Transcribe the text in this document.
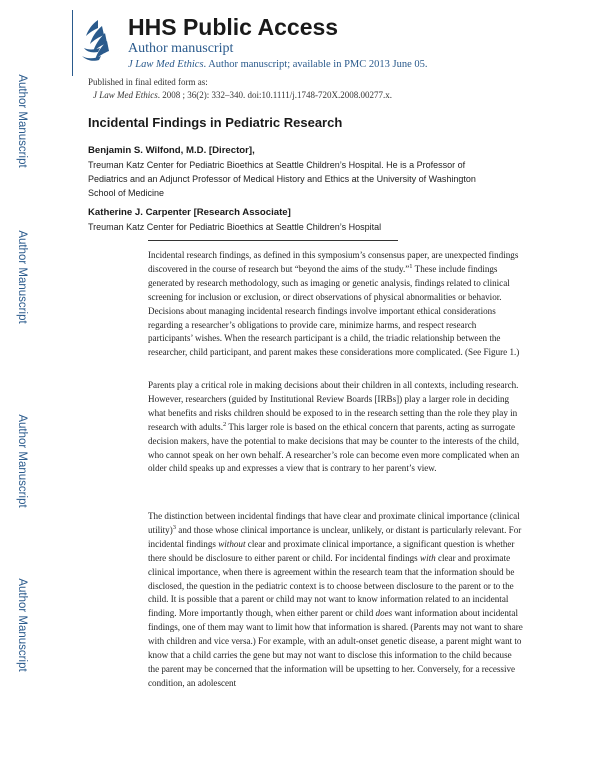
Author Manuscript
Author Manuscript
Author Manuscript
Author Manuscript
HHS Public Access
Author manuscript
J Law Med Ethics. Author manuscript; available in PMC 2013 June 05.
Published in final edited form as:
J Law Med Ethics. 2008 ; 36(2): 332–340. doi:10.1111/j.1748-720X.2008.00277.x.
Incidental Findings in Pediatric Research
Benjamin S. Wilfond, M.D. [Director],
Treuman Katz Center for Pediatric Bioethics at Seattle Children’s Hospital. He is a Professor of
Pediatrics and an Adjunct Professor of Medical History and Ethics at the University of Washington
School of Medicine
Katherine J. Carpenter [Research Associate]
Treuman Katz Center for Pediatric Bioethics at Seattle Children’s Hospital
Incidental research findings, as defined in this symposium’s consensus paper, are unexpected findings discovered in the course of research but “beyond the aims of the study.”$^1$ These include findings generated by research methodology, such as imaging or genetic analysis, findings related to clinical screening for inclusion or exclusion, or direct observations of physical abnormalities or behavior. Decisions about managing incidental research findings involve important ethical considerations regarding a researcher’s obligations to provide care, minimize harms, and respect research participants’ wishes. When the research participant is a child, the triadic relationship between the researcher, child participant, and parent makes these considerations more complicated. (See Figure 1.)
Parents play a critical role in making decisions about their children in all contexts, including research. However, researchers (guided by Institutional Review Boards [IRBs]) play a larger role in deciding what benefits and risks children should be exposed to in the research setting than the role they play in research with adults.$^2$ This larger role is based on the ethical concern that parents, acting as surrogate decision makers, have the potential to make decisions that may be counter to the interests of the child, who cannot speak on her own behalf. A researcher’s role can become even more complicated when an older child speaks up and expresses a view that is contrary to her parent’s view.
The distinction between incidental findings that have clear and proximate clinical importance (clinical utility)$^3$ and those whose clinical importance is unclear, unlikely, or distant is particularly relevant. For incidental findings without clear and proximate clinical importance, a significant question is whether there should be disclosure to either parent or child. For incidental findings with clear and proximate clinical importance, when there is agreement within the research team that the information should be disclosed, the question in the pediatric context is to choose between disclosure to the parent or to the child. It is possible that a parent or child may not want to know information related to an incidental finding. More importantly though, when either parent or child does want information about incidental findings, one of them may want to limit how that information is shared. (Parents may not want to share with children and vice versa.) For example, with an adult-onset genetic disease, a parent might want to know that a child carries the gene but may not want to disclose this information to the child because the parent may be concerned that the information will be upsetting to her. Conversely, for a recessive condition, an adolescent
